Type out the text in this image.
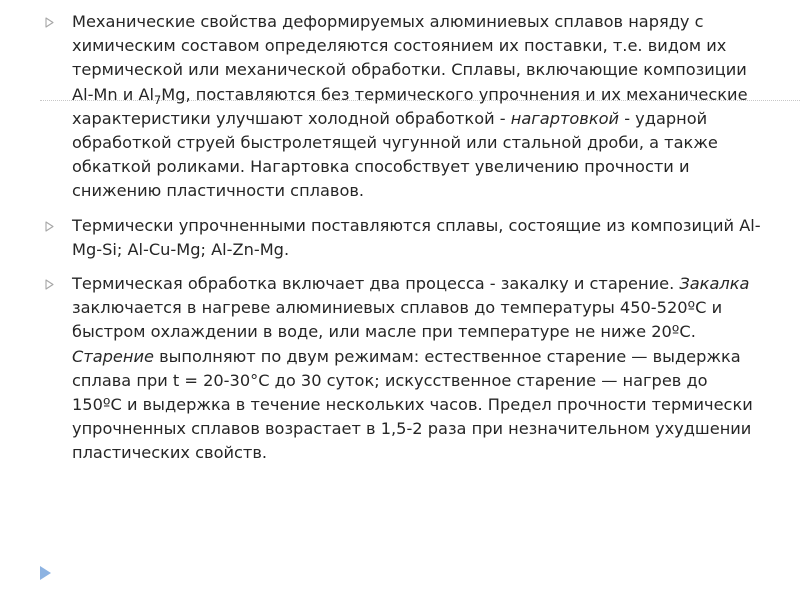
Механические свойства деформируемых алюминиевых сплавов наряду с химическим составом определяются состоянием их поставки, т.е. видом их термической или механической обработки. Сплавы, включающие композиции Al-Mn и $Al_7Mg$, поставляются без термического упрочнения и их механические характеристики улучшают холодной обработкой - нагартовкой - ударной обработкой струей быстролетящей чугунной или стальной дроби, а также обкаткой роликами. Нагартовка способствует увеличению прочности и снижению пластичности сплавов.

Термически упрочненными поставляются сплавы, состоящие из композиций Al-Mg-Si; Al-Cu-Mg; Al-Zn-Mg.

Термическая обработка включает два процесса - закалку и старение. Закалка заключается в нагреве алюминиевых сплавов до температуры 450-520ºС и быстром охлаждении в воде, или масле при температуре не ниже 20ºС. Старение выполняют по двум режимам: естественное старение — выдержка сплава при t = 20-30°С до 30 суток; искусственное старение — нагрев до 150ºС и выдержка в течение нескольких часов. Предел прочности термически упрочненных сплавов возрастает в 1,5-2 раза при незначительном ухудшении пластических свойств.
